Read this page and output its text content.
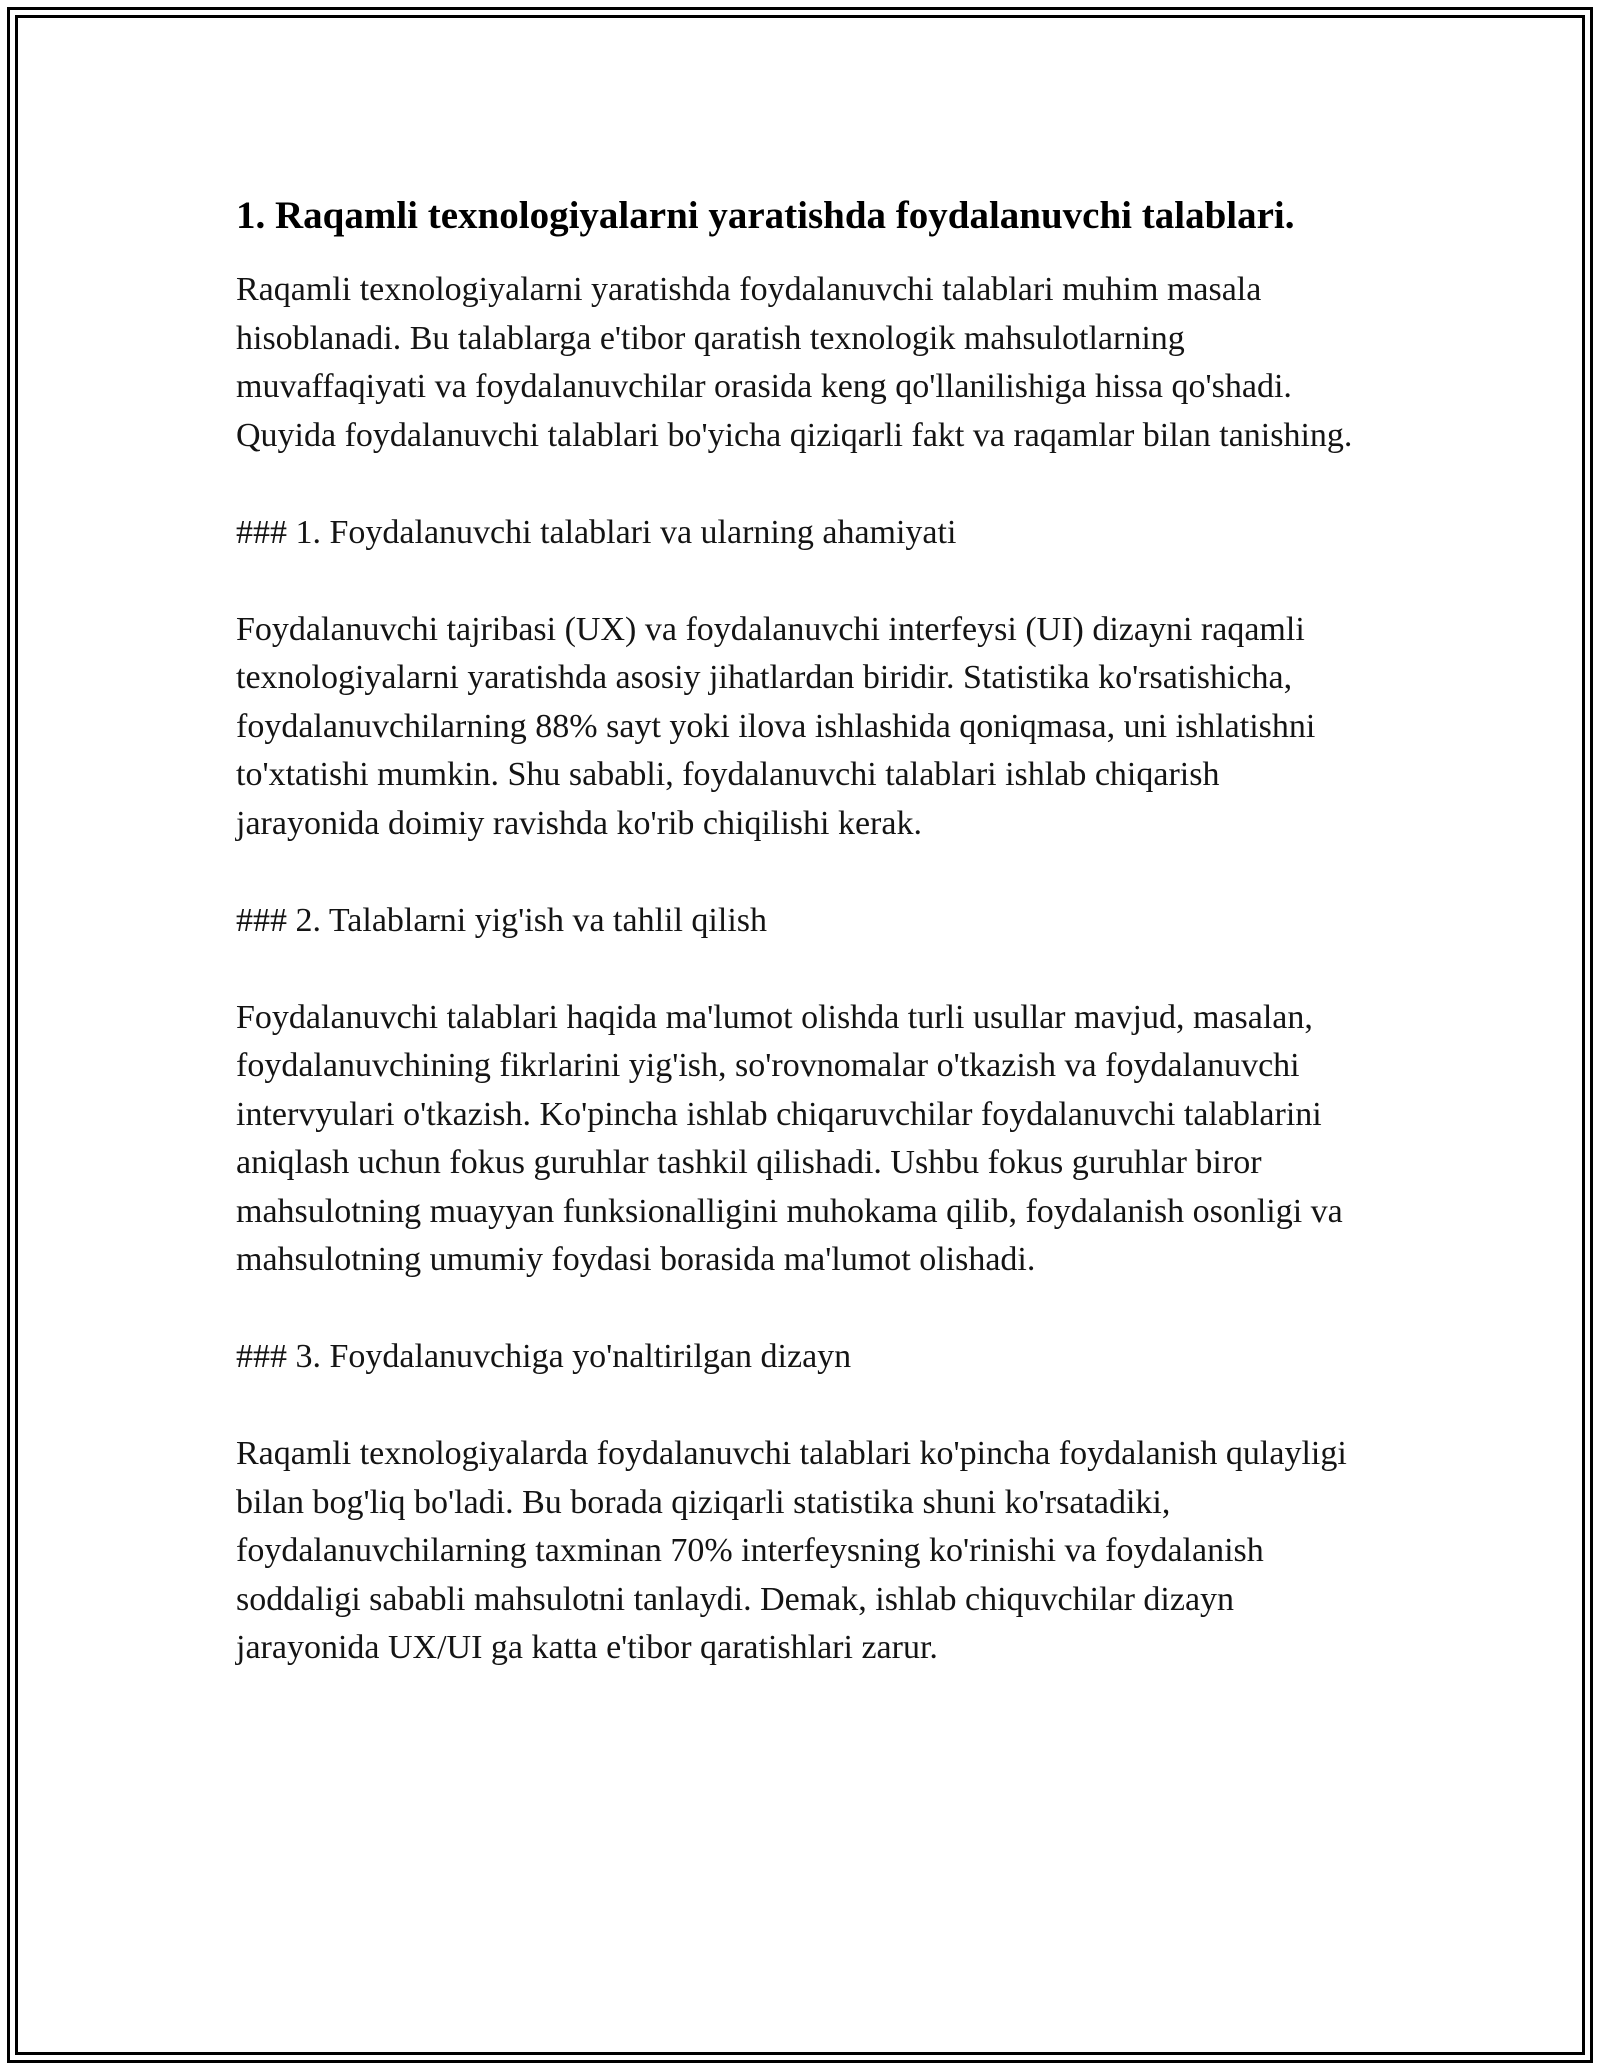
1. Raqamli texnologiyalarni yaratishda foydalanuvchi talablari.

Raqamli texnologiyalarni yaratishda foydalanuvchi talablari muhim masala hisoblanadi. Bu talablarga e'tibor qaratish texnologik mahsulotlarning muvaffaqiyati va foydalanuvchilar orasida keng qo'llanilishiga hissa qo'shadi. Quyida foydalanuvchi talablari bo'yicha qiziqarli fakt va raqamlar bilan tanishing.

### 1. Foydalanuvchi talablari va ularning ahamiyati

Foydalanuvchi tajribasi (UX) va foydalanuvchi interfeysi (UI) dizayni raqamli texnologiyalarni yaratishda asosiy jihatlardan biridir. Statistika ko'rsatishicha, foydalanuvchilarning 88% sayt yoki ilova ishlashida qoniqmasa, uni ishlatishni to'xtatishi mumkin. Shu sababli, foydalanuvchi talablari ishlab chiqarish jarayonida doimiy ravishda ko'rib chiqilishi kerak.

### 2. Talablarni yig'ish va tahlil qilish

Foydalanuvchi talablari haqida ma'lumot olishda turli usullar mavjud, masalan, foydalanuvchining fikrlarini yig'ish, so'rovnomalar o'tkazish va foydalanuvchi intervyulari o'tkazish. Ko'pincha ishlab chiqaruvchilar foydalanuvchi talablarini aniqlash uchun fokus guruhlar tashkil qilishadi. Ushbu fokus guruhlar biror mahsulotning muayyan funksionalligini muhokama qilib, foydalanish osonligi va mahsulotning umumiy foydasi borasida ma'lumot olishadi.

### 3. Foydalanuvchiga yo'naltirilgan dizayn

Raqamli texnologiyalarda foydalanuvchi talablari ko'pincha foydalanish qulayligi bilan bog'liq bo'ladi. Bu borada qiziqarli statistika shuni ko'rsatadiki, foydalanuvchilarning taxminan 70% interfeysning ko'rinishi va foydalanish soddaligi sababli mahsulotni tanlaydi. Demak, ishlab chiquvchilar dizayn jarayonida UX/UI ga katta e'tibor qaratishlari zarur.
